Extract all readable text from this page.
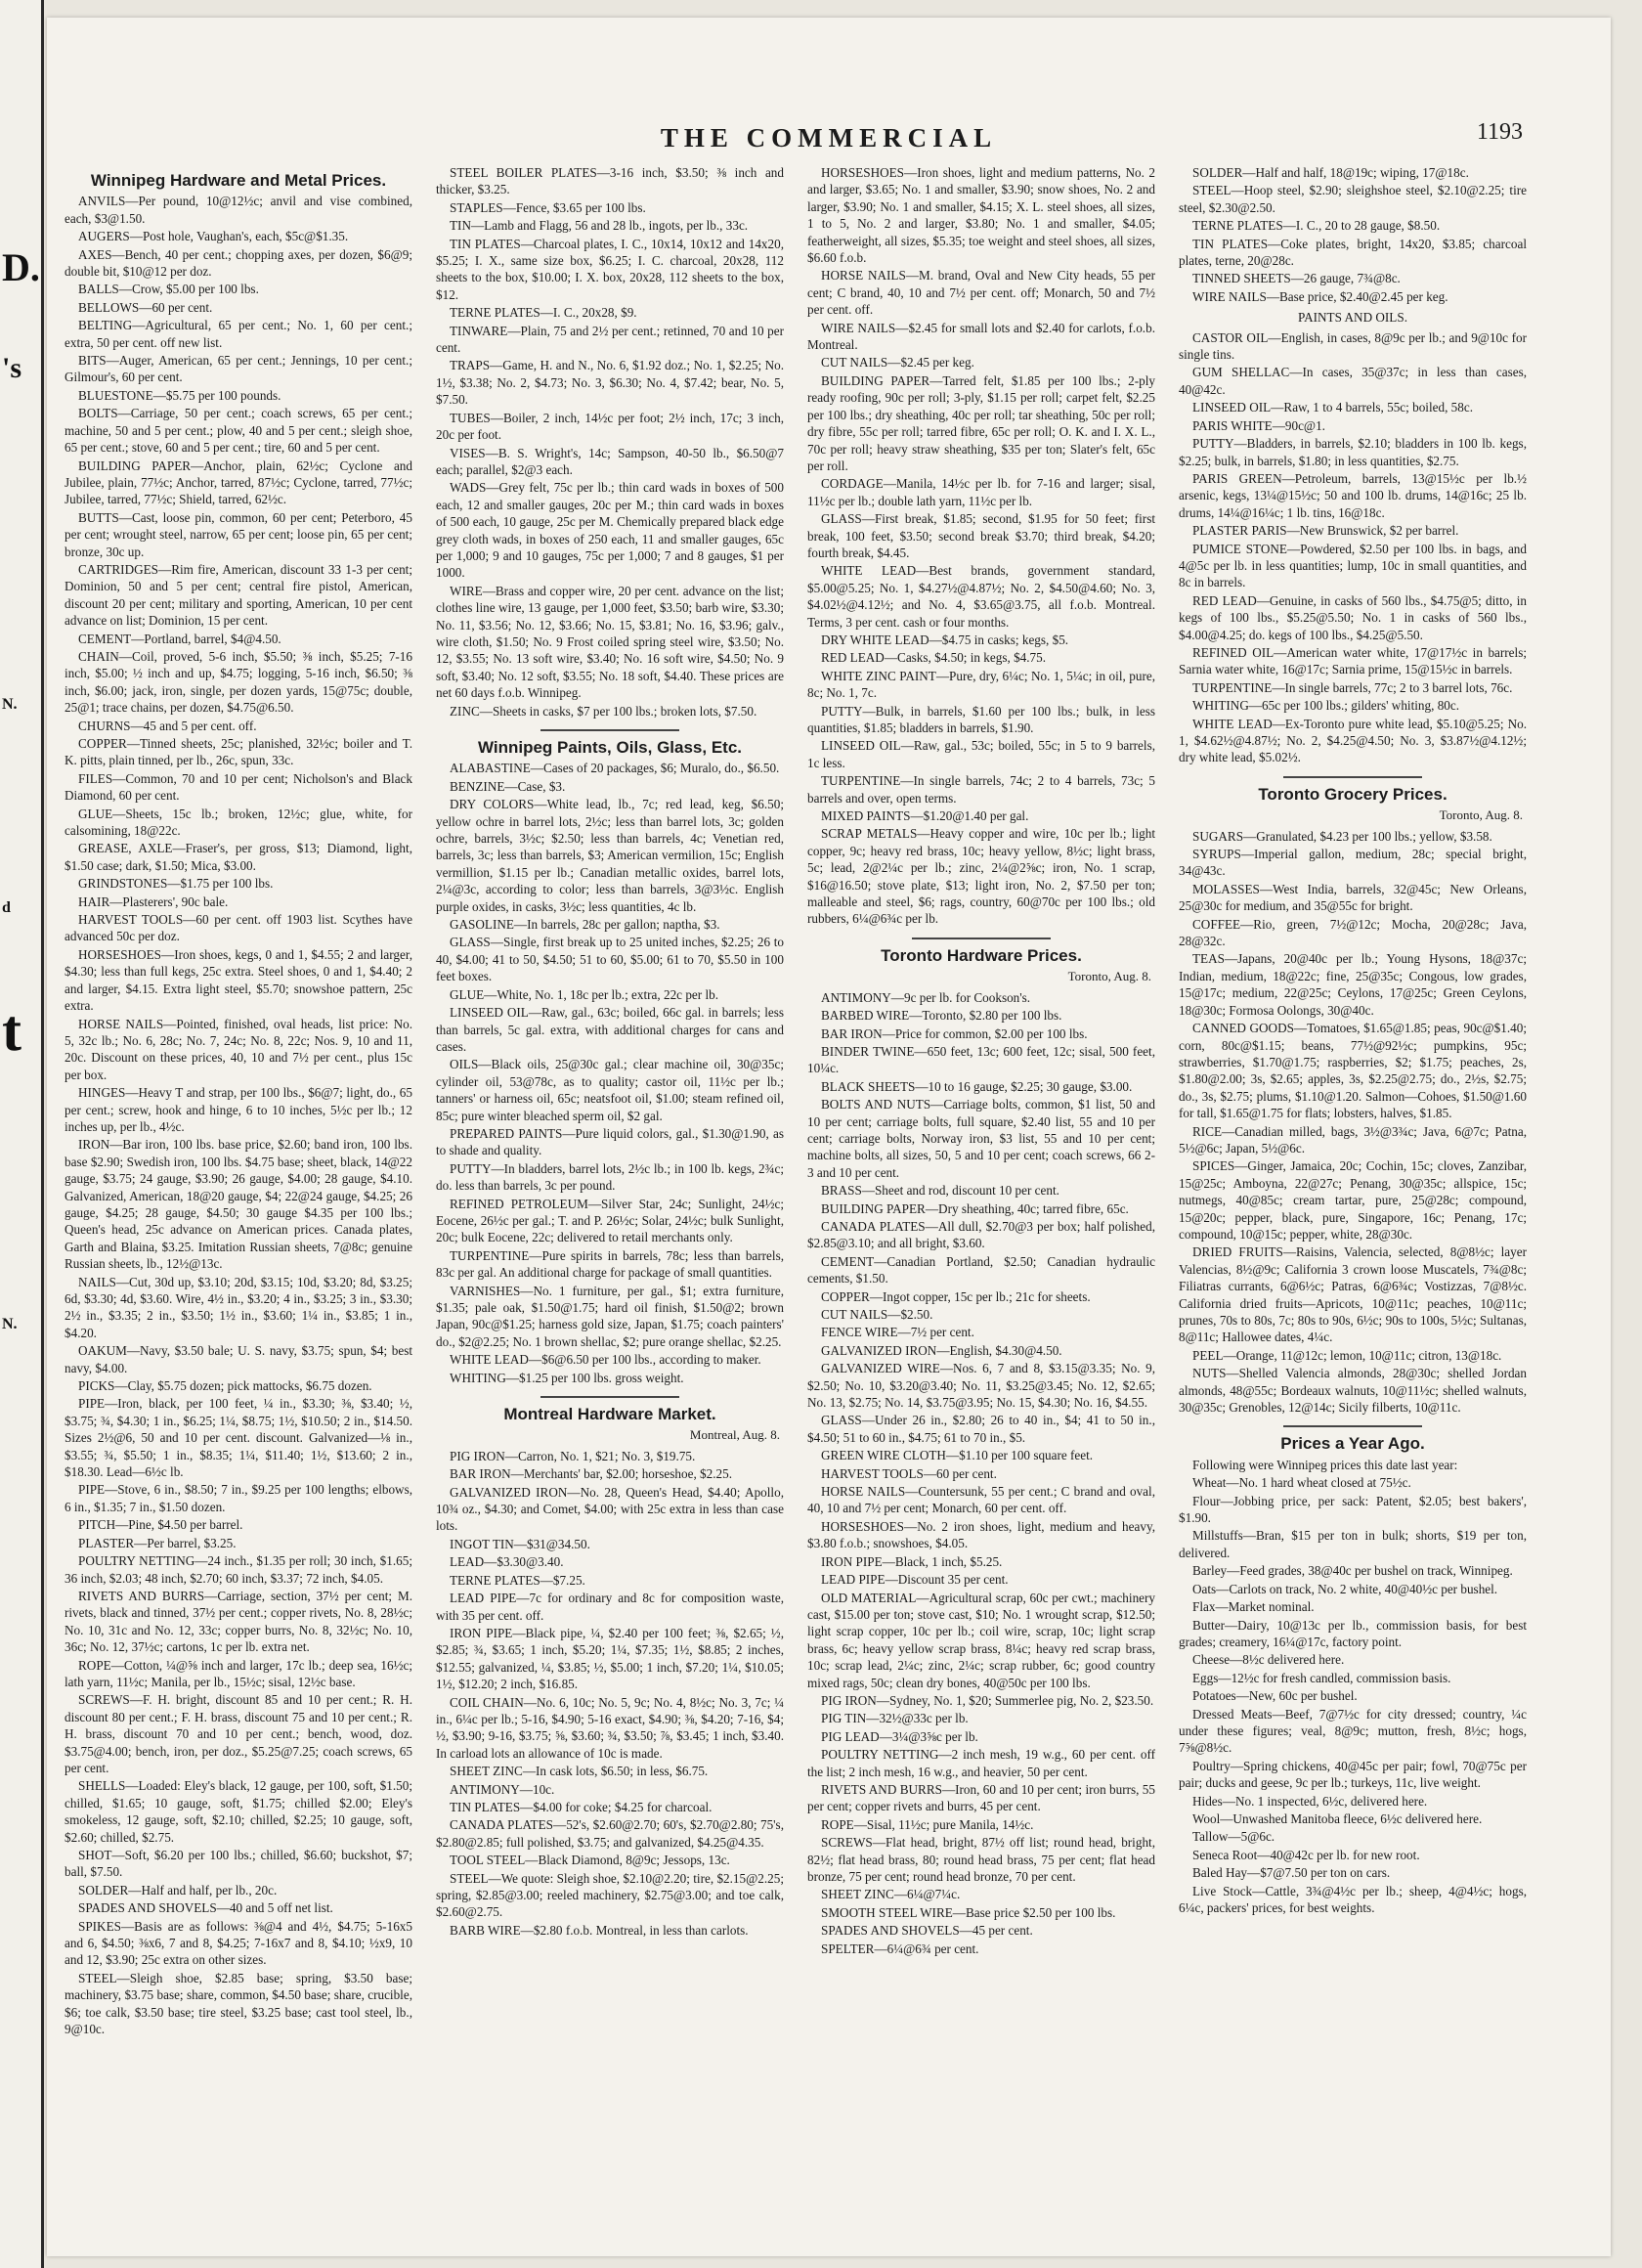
D.
's
N.
t
d
N.
THE COMMERCIAL	1193
Winnipeg Hardware and Metal Prices.

ANVILS—Per pound, 10@12½c; anvil and vise combined, each, $3@1.50.

AUGERS—Post hole, Vaughan's, each, $5c@$1.35.

AXES—Bench, 40 per cent.; chopping axes, per dozen, $6@9; double bit, $10@12 per doz.

BALLS—Crow, $5.00 per 100 lbs.

BELLOWS—60 per cent.

BELTING—Agricultural, 65 per cent.; No. 1, 60 per cent.; extra, 50 per cent. off new list.

BITS—Auger, American, 65 per cent.; Jennings, 10 per cent.; Gilmour's, 60 per cent.

BLUESTONE—$5.75 per 100 pounds.

BOLTS—Carriage, 50 per cent.; coach screws, 65 per cent.; machine, 50 and 5 per cent.; plow, 40 and 5 per cent.; sleigh shoe, 65 per cent.; stove, 60 and 5 per cent.; tire, 60 and 5 per cent.

BUILDING PAPER—Anchor, plain, 62½c; Cyclone and Jubilee, plain, 77½c; Anchor, tarred, 87½c; Cyclone, tarred, 77½c; Jubilee, tarred, 77½c; Shield, tarred, 62½c.

BUTTS—Cast, loose pin, common, 60 per cent; Peterboro, 45 per cent; wrought steel, narrow, 65 per cent; loose pin, 65 per cent; bronze, 30c up.

CARTRIDGES—Rim fire, American, discount 33 1-3 per cent; Dominion, 50 and 5 per cent; central fire pistol, American, discount 20 per cent; military and sporting, American, 10 per cent advance on list; Dominion, 15 per cent.

CEMENT—Portland, barrel, $4@4.50.

CHAIN—Coil, proved, 5-6 inch, $5.50; ⅜ inch, $5.25; 7-16 inch, $5.00; ½ inch and up, $4.75; logging, 5-16 inch, $6.50; ⅜ inch, $6.00; jack, iron, single, per dozen yards, 15@75c; double, 25@1; trace chains, per dozen, $4.75@6.50.

CHURNS—45 and 5 per cent. off.

COPPER—Tinned sheets, 25c; planished, 32½c; boiler and T. K. pitts, plain tinned, per lb., 26c, spun, 33c.

FILES—Common, 70 and 10 per cent; Nicholson's and Black Diamond, 60 per cent.

GLUE—Sheets, 15c lb.; broken, 12½c; glue, white, for calsomining, 18@22c.

GREASE, AXLE—Fraser's, per gross, $13; Diamond, light, $1.50 case; dark, $1.50; Mica, $3.00.

GRINDSTONES—$1.75 per 100 lbs.

HAIR—Plasterers', 90c bale.

HARVEST TOOLS—60 per cent. off 1903 list. Scythes have advanced 50c per doz.

HORSESHOES—Iron shoes, kegs, 0 and 1, $4.55; 2 and larger, $4.30; less than full kegs, 25c extra. Steel shoes, 0 and 1, $4.40; 2 and larger, $4.15. Extra light steel, $5.70; snowshoe pattern, 25c extra.

HORSE NAILS—Pointed, finished, oval heads, list price: No. 5, 32c lb.; No. 6, 28c; No. 7, 24c; No. 8, 22c; Nos. 9, 10 and 11, 20c. Discount on these prices, 40, 10 and 7½ per cent., plus 15c per box.

HINGES—Heavy T and strap, per 100 lbs., $6@7; light, do., 65 per cent.; screw, hook and hinge, 6 to 10 inches, 5½c per lb.; 12 inches up, per lb., 4½c.

IRON—Bar iron, 100 lbs. base price, $2.60; band iron, 100 lbs. base $2.90; Swedish iron, 100 lbs. $4.75 base; sheet, black, 14@22 gauge, $3.75; 24 gauge, $3.90; 26 gauge, $4.00; 28 gauge, $4.10. Galvanized, American, 18@20 gauge, $4; 22@24 gauge, $4.25; 26 gauge, $4.25; 28 gauge, $4.50; 30 gauge $4.35 per 100 lbs.; Queen's head, 25c advance on American prices. Canada plates, Garth and Blaina, $3.25. Imitation Russian sheets, 7@8c; genuine Russian sheets, lb., 12½@13c.

NAILS—Cut, 30d up, $3.10; 20d, $3.15; 10d, $3.20; 8d, $3.25; 6d, $3.30; 4d, $3.60. Wire, 4½ in., $3.20; 4 in., $3.25; 3 in., $3.30; 2½ in., $3.35; 2 in., $3.50; 1½ in., $3.60; 1¼ in., $3.85; 1 in., $4.20.

OAKUM—Navy, $3.50 bale; U. S. navy, $3.75; spun, $4; best navy, $4.00.

PICKS—Clay, $5.75 dozen; pick mattocks, $6.75 dozen.

PIPE—Iron, black, per 100 feet, ¼ in., $3.30; ⅜, $3.40; ½, $3.75; ¾, $4.30; 1 in., $6.25; 1¼, $8.75; 1½, $10.50; 2 in., $14.50. Sizes 2½@6, 50 and 10 per cent. discount. Galvanized—⅛ in., $3.55; ¾, $5.50; 1 in., $8.35; 1¼, $11.40; 1½, $13.60; 2 in., $18.30. Lead—6½c lb.

PIPE—Stove, 6 in., $8.50; 7 in., $9.25 per 100 lengths; elbows, 6 in., $1.35; 7 in., $1.50 dozen.

PITCH—Pine, $4.50 per barrel.

PLASTER—Per barrel, $3.25.

POULTRY NETTING—24 inch., $1.35 per roll; 30 inch, $1.65; 36 inch, $2.03; 48 inch, $2.70; 60 inch, $3.37; 72 inch, $4.05.

RIVETS AND BURRS—Carriage, section, 37½ per cent; M. rivets, black and tinned, 37½ per cent.; copper rivets, No. 8, 28½c; No. 10, 31c and No. 12, 33c; copper burrs, No. 8, 32½c; No. 10, 36c; No. 12, 37½c; cartons, 1c per lb. extra net.

ROPE—Cotton, ¼@⅝ inch and larger, 17c lb.; deep sea, 16½c; lath yarn, 11½c; Manila, per lb., 15½c; sisal, 12½c base.

SCREWS—F. H. bright, discount 85 and 10 per cent.; R. H. discount 80 per cent.; F. H. brass, discount 75 and 10 per cent.; R. H. brass, discount 70 and 10 per cent.; bench, wood, doz. $3.75@4.00; bench, iron, per doz., $5.25@7.25; coach screws, 65 per cent.

SHELLS—Loaded: Eley's black, 12 gauge, per 100, soft, $1.50; chilled, $1.65; 10 gauge, soft, $1.75; chilled $2.00; Eley's smokeless, 12 gauge, soft, $2.10; chilled, $2.25; 10 gauge, soft, $2.60; chilled, $2.75.

SHOT—Soft, $6.20 per 100 lbs.; chilled, $6.60; buckshot, $7; ball, $7.50.

SOLDER—Half and half, per lb., 20c.

SPADES AND SHOVELS—40 and 5 off net list.

SPIKES—Basis are as follows: ⅜@4 and 4½, $4.75; 5-16x5 and 6, $4.50; ⅜x6, 7 and 8, $4.25; 7-16x7 and 8, $4.10; ½x9, 10 and 12, $3.90; 25c extra on other sizes.

STEEL—Sleigh shoe, $2.85 base; spring, $3.50 base; machinery, $3.75 base; share, common, $4.50 base; share, crucible, $6; toe calk, $3.50 base; tire steel, $3.25 base; cast tool steel, lb., 9@10c.

STEEL BOILER PLATES—3-16 inch, $3.50; ⅜ inch and thicker, $3.25.

STAPLES—Fence, $3.65 per 100 lbs.

TIN—Lamb and Flagg, 56 and 28 lb., ingots, per lb., 33c.

TIN PLATES—Charcoal plates, I. C., 10x14, 10x12 and 14x20, $5.25; I. X., same size box, $6.25; I. C. charcoal, 20x28, 112 sheets to the box, $10.00; I. X. box, 20x28, 112 sheets to the box, $12.

TERNE PLATES—I. C., 20x28, $9.

TINWARE—Plain, 75 and 2½ per cent.; retinned, 70 and 10 per cent.

TRAPS—Game, H. and N., No. 6, $1.92 doz.; No. 1, $2.25; No. 1½, $3.38; No. 2, $4.73; No. 3, $6.30; No. 4, $7.42; bear, No. 5, $7.50.

TUBES—Boiler, 2 inch, 14½c per foot; 2½ inch, 17c; 3 inch, 20c per foot.

VISES—B. S. Wright's, 14c; Sampson, 40-50 lb., $6.50@7 each; parallel, $2@3 each.

WADS—Grey felt, 75c per lb.; thin card wads in boxes of 500 each, 12 and smaller gauges, 20c per M.; thin card wads in boxes of 500 each, 10 gauge, 25c per M. Chemically prepared black edge grey cloth wads, in boxes of 250 each, 11 and smaller gauges, 65c per 1,000; 9 and 10 gauges, 75c per 1,000; 7 and 8 gauges, $1 per 1000.

WIRE—Brass and copper wire, 20 per cent. advance on the list; clothes line wire, 13 gauge, per 1,000 feet, $3.50; barb wire, $3.30; No. 11, $3.56; No. 12, $3.66; No. 15, $3.81; No. 16, $3.96; galv., wire cloth, $1.50; No. 9 Frost coiled spring steel wire, $3.50; No. 12, $3.55; No. 13 soft wire, $3.40; No. 16 soft wire, $4.50; No. 9 soft, $3.40; No. 12 soft, $3.55; No. 18 soft, $4.40. These prices are net 60 days f.o.b. Winnipeg.

ZINC—Sheets in casks, $7 per 100 lbs.; broken lots, $7.50.

Winnipeg Paints, Oils, Glass, Etc.

ALABASTINE—Cases of 20 packages, $6; Muralo, do., $6.50.

BENZINE—Case, $3.

DRY COLORS—White lead, lb., 7c; red lead, keg, $6.50; yellow ochre in barrel lots, 2½c; less than barrel lots, 3c; golden ochre, barrels, 3½c; $2.50; less than barrels, 4c; Venetian red, barrels, 3c; less than barrels, $3; American vermilion, 15c; English vermillion, $1.15 per lb.; Canadian metallic oxides, barrel lots, 2¼@3c, according to color; less than barrels, 3@3½c. English purple oxides, in casks, 3½c; less quantities, 4c lb.

GASOLINE—In barrels, 28c per gallon; naptha, $3.

GLASS—Single, first break up to 25 united inches, $2.25; 26 to 40, $4.00; 41 to 50, $4.50; 51 to 60, $5.00; 61 to 70, $5.50 in 100 feet boxes.

GLUE—White, No. 1, 18c per lb.; extra, 22c per lb.

LINSEED OIL—Raw, gal., 63c; boiled, 66c gal. in barrels; less than barrels, 5c gal. extra, with additional charges for cans and cases.

OILS—Black oils, 25@30c gal.; clear machine oil, 30@35c; cylinder oil, 53@78c, as to quality; castor oil, 11½c per lb.; tanners' or harness oil, 65c; neatsfoot oil, $1.00; steam refined oil, 85c; pure winter bleached sperm oil, $2 gal.

PREPARED PAINTS—Pure liquid colors, gal., $1.30@1.90, as to shade and quality.

PUTTY—In bladders, barrel lots, 2½c lb.; in 100 lb. kegs, 2¾c; do. less than barrels, 3c per pound.

REFINED PETROLEUM—Silver Star, 24c; Sunlight, 24½c; Eocene, 26½c per gal.; T. and P. 26½c; Solar, 24½c; bulk Sunlight, 20c; bulk Eocene, 22c; delivered to retail merchants only.

TURPENTINE—Pure spirits in barrels, 78c; less than barrels, 83c per gal. An additional charge for package of small quantities.

VARNISHES—No. 1 furniture, per gal., $1; extra furniture, $1.35; pale oak, $1.50@1.75; hard oil finish, $1.50@2; brown Japan, 90c@$1.25; harness gold size, Japan, $1.75; coach painters' do., $2@2.25; No. 1 brown shellac, $2; pure orange shellac, $2.25.

WHITE LEAD—$6@6.50 per 100 lbs., according to maker.

WHITING—$1.25 per 100 lbs. gross weight.

Montreal Hardware Market.
Montreal, Aug. 8.

PIG IRON—Carron, No. 1, $21; No. 3, $19.75.

BAR IRON—Merchants' bar, $2.00; horseshoe, $2.25.

GALVANIZED IRON—No. 28, Queen's Head, $4.40; Apollo, 10¾ oz., $4.30; and Comet, $4.00; with 25c extra in less than case lots.

INGOT TIN—$31@34.50.

LEAD—$3.30@3.40.

TERNE PLATES—$7.25.

LEAD PIPE—7c for ordinary and 8c for composition waste, with 35 per cent. off.

IRON PIPE—Black pipe, ¼, $2.40 per 100 feet; ⅜, $2.65; ½, $2.85; ¾, $3.65; 1 inch, $5.20; 1¼, $7.35; 1½, $8.85; 2 inches, $12.55; galvanized, ¼, $3.85; ½, $5.00; 1 inch, $7.20; 1¼, $10.05; 1½, $12.20; 2 inch, $16.85.

COIL CHAIN—No. 6, 10c; No. 5, 9c; No. 4, 8½c; No. 3, 7c; ¼ in., 6¼c per lb.; 5-16, $4.90; 5-16 exact, $4.90; ⅜, $4.20; 7-16, $4; ½, $3.90; 9-16, $3.75; ⅝, $3.60; ¾, $3.50; ⅞, $3.45; 1 inch, $3.40. In carload lots an allowance of 10c is made.

SHEET ZINC—In cask lots, $6.50; in less, $6.75.

ANTIMONY—10c.

TIN PLATES—$4.00 for coke; $4.25 for charcoal.

CANADA PLATES—52's, $2.60@2.70; 60's, $2.70@2.80; 75's, $2.80@2.85; full polished, $3.75; and galvanized, $4.25@4.35.

TOOL STEEL—Black Diamond, 8@9c; Jessops, 13c.

STEEL—We quote: Sleigh shoe, $2.10@2.20; tire, $2.15@2.25; spring, $2.85@3.00; reeled machinery, $2.75@3.00; and toe calk, $2.60@2.75.

BARB WIRE—$2.80 f.o.b. Montreal, in less than carlots.

HORSESHOES—Iron shoes, light and medium patterns, No. 2 and larger, $3.65; No. 1 and smaller, $3.90; snow shoes, No. 2 and larger, $3.90; No. 1 and smaller, $4.15; X. L. steel shoes, all sizes, 1 to 5, No. 2 and larger, $3.80; No. 1 and smaller, $4.05; featherweight, all sizes, $5.35; toe weight and steel shoes, all sizes, $6.60 f.o.b.

HORSE NAILS—M. brand, Oval and New City heads, 55 per cent; C brand, 40, 10 and 7½ per cent. off; Monarch, 50 and 7½ per cent. off.

WIRE NAILS—$2.45 for small lots and $2.40 for carlots, f.o.b. Montreal.

CUT NAILS—$2.45 per keg.

BUILDING PAPER—Tarred felt, $1.85 per 100 lbs.; 2-ply ready roofing, 90c per roll; 3-ply, $1.15 per roll; carpet felt, $2.25 per 100 lbs.; dry sheathing, 40c per roll; tar sheathing, 50c per roll; dry fibre, 55c per roll; tarred fibre, 65c per roll; O. K. and I. X. L., 70c per roll; heavy straw sheathing, $35 per ton; Slater's felt, 65c per roll.

CORDAGE—Manila, 14½c per lb. for 7-16 and larger; sisal, 11½c per lb.; double lath yarn, 11½c per lb.

GLASS—First break, $1.85; second, $1.95 for 50 feet; first break, 100 feet, $3.50; second break $3.70; third break, $4.20; fourth break, $4.45.

WHITE LEAD—Best brands, government standard, $5.00@5.25; No. 1, $4.27½@4.87½; No. 2, $4.50@4.60; No. 3, $4.02½@4.12½; and No. 4, $3.65@3.75, all f.o.b. Montreal. Terms, 3 per cent. cash or four months.

DRY WHITE LEAD—$4.75 in casks; kegs, $5.

RED LEAD—Casks, $4.50; in kegs, $4.75.

WHITE ZINC PAINT—Pure, dry, 6¼c; No. 1, 5¼c; in oil, pure, 8c; No. 1, 7c.

PUTTY—Bulk, in barrels, $1.60 per 100 lbs.; bulk, in less quantities, $1.85; bladders in barrels, $1.90.

LINSEED OIL—Raw, gal., 53c; boiled, 55c; in 5 to 9 barrels, 1c less.

TURPENTINE—In single barrels, 74c; 2 to 4 barrels, 73c; 5 barrels and over, open terms.

MIXED PAINTS—$1.20@1.40 per gal.

SCRAP METALS—Heavy copper and wire, 10c per lb.; light copper, 9c; heavy red brass, 10c; heavy yellow, 8½c; light brass, 5c; lead, 2@2¼c per lb.; zinc, 2¼@2⅝c; iron, No. 1 scrap, $16@16.50; stove plate, $13; light iron, No. 2, $7.50 per ton; malleable and steel, $6; rags, country, 60@70c per 100 lbs.; old rubbers, 6¼@6¾c per lb.

Toronto Hardware Prices.
Toronto, Aug. 8.

ANTIMONY—9c per lb. for Cookson's.

BARBED WIRE—Toronto, $2.80 per 100 lbs.

BAR IRON—Price for common, $2.00 per 100 lbs.

BINDER TWINE—650 feet, 13c; 600 feet, 12c; sisal, 500 feet, 10¼c.

BLACK SHEETS—10 to 16 gauge, $2.25; 30 gauge, $3.00.

BOLTS AND NUTS—Carriage bolts, common, $1 list, 50 and 10 per cent; carriage bolts, full square, $2.40 list, 55 and 10 per cent; carriage bolts, Norway iron, $3 list, 55 and 10 per cent; machine bolts, all sizes, 50, 5 and 10 per cent; coach screws, 66 2-3 and 10 per cent.

BRASS—Sheet and rod, discount 10 per cent.

BUILDING PAPER—Dry sheathing, 40c; tarred fibre, 65c.

CANADA PLATES—All dull, $2.70@3 per box; half polished, $2.85@3.10; and all bright, $3.60.

CEMENT—Canadian Portland, $2.50; Canadian hydraulic cements, $1.50.

COPPER—Ingot copper, 15c per lb.; 21c for sheets.

CUT NAILS—$2.50.

FENCE WIRE—7½ per cent.

GALVANIZED IRON—English, $4.30@4.50.

GALVANIZED WIRE—Nos. 6, 7 and 8, $3.15@3.35; No. 9, $2.50; No. 10, $3.20@3.40; No. 11, $3.25@3.45; No. 12, $2.65; No. 13, $2.75; No. 14, $3.75@3.95; No. 15, $4.30; No. 16, $4.55.

GLASS—Under 26 in., $2.80; 26 to 40 in., $4; 41 to 50 in., $4.50; 51 to 60 in., $4.75; 61 to 70 in., $5.

GREEN WIRE CLOTH—$1.10 per 100 square feet.

HARVEST TOOLS—60 per cent.

HORSE NAILS—Countersunk, 55 per cent.; C brand and oval, 40, 10 and 7½ per cent; Monarch, 60 per cent. off.

HORSESHOES—No. 2 iron shoes, light, medium and heavy, $3.80 f.o.b.; snowshoes, $4.05.

IRON PIPE—Black, 1 inch, $5.25.

LEAD PIPE—Discount 35 per cent.

OLD MATERIAL—Agricultural scrap, 60c per cwt.; machinery cast, $15.00 per ton; stove cast, $10; No. 1 wrought scrap, $12.50; light scrap copper, 10c per lb.; coil wire, scrap, 10c; light scrap brass, 6c; heavy yellow scrap brass, 8¼c; heavy red scrap brass, 10c; scrap lead, 2¼c; zinc, 2¼c; scrap rubber, 6c; good country mixed rags, 50c; clean dry bones, 40@50c per 100 lbs.

PIG IRON—Sydney, No. 1, $20; Summerlee pig, No. 2, $23.50.

PIG TIN—32½@33c per lb.

PIG LEAD—3¼@3⅝c per lb.

POULTRY NETTING—2 inch mesh, 19 w.g., 60 per cent. off the list; 2 inch mesh, 16 w.g., and heavier, 50 per cent.

RIVETS AND BURRS—Iron, 60 and 10 per cent; iron burrs, 55 per cent; copper rivets and burrs, 45 per cent.

ROPE—Sisal, 11½c; pure Manila, 14½c.

SCREWS—Flat head, bright, 87½ off list; round head, bright, 82½; flat head brass, 80; round head brass, 75 per cent; flat head bronze, 75 per cent; round head bronze, 70 per cent.

SHEET ZINC—6¼@7¼c.

SMOOTH STEEL WIRE—Base price $2.50 per 100 lbs.

SPADES AND SHOVELS—45 per cent.

SPELTER—6¼@6¾ per cent.

SOLDER—Half and half, 18@19c; wiping, 17@18c.

STEEL—Hoop steel, $2.90; sleighshoe steel, $2.10@2.25; tire steel, $2.30@2.50.

TERNE PLATES—I. C., 20 to 28 gauge, $8.50.

TIN PLATES—Coke plates, bright, 14x20, $3.85; charcoal plates, terne, 20@28c.

TINNED SHEETS—26 gauge, 7¾@8c.

WIRE NAILS—Base price, $2.40@2.45 per keg.

PAINTS AND OILS.

CASTOR OIL—English, in cases, 8@9c per lb.; and 9@10c for single tins.

GUM SHELLAC—In cases, 35@37c; in less than cases, 40@42c.

LINSEED OIL—Raw, 1 to 4 barrels, 55c; boiled, 58c.

PARIS WHITE—90c@1.

PUTTY—Bladders, in barrels, $2.10; bladders in 100 lb. kegs, $2.25; bulk, in barrels, $1.80; in less quantities, $2.75.

PARIS GREEN—Petroleum, barrels, 13@15½c per lb.½ arsenic, kegs, 13¼@15½c; 50 and 100 lb. drums, 14@16c; 25 lb. drums, 14¼@16¼c; 1 lb. tins, 16@18c.

PLASTER PARIS—New Brunswick, $2 per barrel.

PUMICE STONE—Powdered, $2.50 per 100 lbs. in bags, and 4@5c per lb. in less quantities; lump, 10c in small quantities, and 8c in barrels.

RED LEAD—Genuine, in casks of 560 lbs., $4.75@5; ditto, in kegs of 100 lbs., $5.25@5.50; No. 1 in casks of 560 lbs., $4.00@4.25; do. kegs of 100 lbs., $4.25@5.50.

REFINED OIL—American water white, 17@17½c in barrels; Sarnia water white, 16@17c; Sarnia prime, 15@15½c in barrels.

TURPENTINE—In single barrels, 77c; 2 to 3 barrel lots, 76c.

WHITING—65c per 100 lbs.; gilders' whiting, 80c.

WHITE LEAD—Ex-Toronto pure white lead, $5.10@5.25; No. 1, $4.62½@4.87½; No. 2, $4.25@4.50; No. 3, $3.87½@4.12½; dry white lead, $5.02½.

Toronto Grocery Prices.
Toronto, Aug. 8.

SUGARS—Granulated, $4.23 per 100 lbs.; yellow, $3.58.

SYRUPS—Imperial gallon, medium, 28c; special bright, 34@43c.

MOLASSES—West India, barrels, 32@45c; New Orleans, 25@30c for medium, and 35@55c for bright.

COFFEE—Rio, green, 7½@12c; Mocha, 20@28c; Java, 28@32c.

TEAS—Japans, 20@40c per lb.; Young Hysons, 18@37c; Indian, medium, 18@22c; fine, 25@35c; Congous, low grades, 15@17c; medium, 22@25c; Ceylons, 17@25c; Green Ceylons, 18@30c; Formosa Oolongs, 30@40c.

CANNED GOODS—Tomatoes, $1.65@1.85; peas, 90c@$1.40; corn, 80c@$1.15; beans, 77½@92½c; pumpkins, 95c; strawberries, $1.70@1.75; raspberries, $2; $1.75; peaches, 2s, $1.80@2.00; 3s, $2.65; apples, 3s, $2.25@2.75; do., 2½s, $2.75; do., 3s, $2.75; plums, $1.10@1.20. Salmon—Cohoes, $1.50@1.60 for tall, $1.65@1.75 for flats; lobsters, halves, $1.85.

RICE—Canadian milled, bags, 3½@3¾c; Java, 6@7c; Patna, 5½@6c; Japan, 5½@6c.

SPICES—Ginger, Jamaica, 20c; Cochin, 15c; cloves, Zanzibar, 15@25c; Amboyna, 22@27c; Penang, 30@35c; allspice, 15c; nutmegs, 40@85c; cream tartar, pure, 25@28c; compound, 15@20c; pepper, black, pure, Singapore, 16c; Penang, 17c; compound, 10@15c; pepper, white, 28@30c.

DRIED FRUITS—Raisins, Valencia, selected, 8@8½c; layer Valencias, 8½@9c; California 3 crown loose Muscatels, 7¾@8c; Filiatras currants, 6@6½c; Patras, 6@6¾c; Vostizzas, 7@8½c. California dried fruits—Apricots, 10@11c; peaches, 10@11c; prunes, 70s to 80s, 7c; 80s to 90s, 6½c; 90s to 100s, 5½c; Sultanas, 8@11c; Hallowee dates, 4¼c.

PEEL—Orange, 11@12c; lemon, 10@11c; citron, 13@18c.

NUTS—Shelled Valencia almonds, 28@30c; shelled Jordan almonds, 48@55c; Bordeaux walnuts, 10@11½c; shelled walnuts, 30@35c; Grenobles, 12@14c; Sicily filberts, 10@11c.

Prices a Year Ago.

Following were Winnipeg prices this date last year:

Wheat—No. 1 hard wheat closed at 75½c.

Flour—Jobbing price, per sack: Patent, $2.05; best bakers', $1.90.

Millstuffs—Bran, $15 per ton in bulk; shorts, $19 per ton, delivered.

Barley—Feed grades, 38@40c per bushel on track, Winnipeg.

Oats—Carlots on track, No. 2 white, 40@40½c per bushel.

Flax—Market nominal.

Butter—Dairy, 10@13c per lb., commission basis, for best grades; creamery, 16¼@17c, factory point.

Cheese—8½c delivered here.

Eggs—12½c for fresh candled, commission basis.

Potatoes—New, 60c per bushel.

Dressed Meats—Beef, 7@7½c for city dressed; country, ¼c under these figures; veal, 8@9c; mutton, fresh, 8½c; hogs, 7⅝@8½c.

Poultry—Spring chickens, 40@45c per pair; fowl, 70@75c per pair; ducks and geese, 9c per lb.; turkeys, 11c, live weight.

Hides—No. 1 inspected, 6½c, delivered here.

Wool—Unwashed Manitoba fleece, 6½c delivered here.

Tallow—5@6c.

Seneca Root—40@42c per lb. for new root.

Baled Hay—$7@7.50 per ton on cars.

Live Stock—Cattle, 3¾@4½c per lb.; sheep, 4@4½c; hogs, 6¼c, packers' prices, for best weights.
